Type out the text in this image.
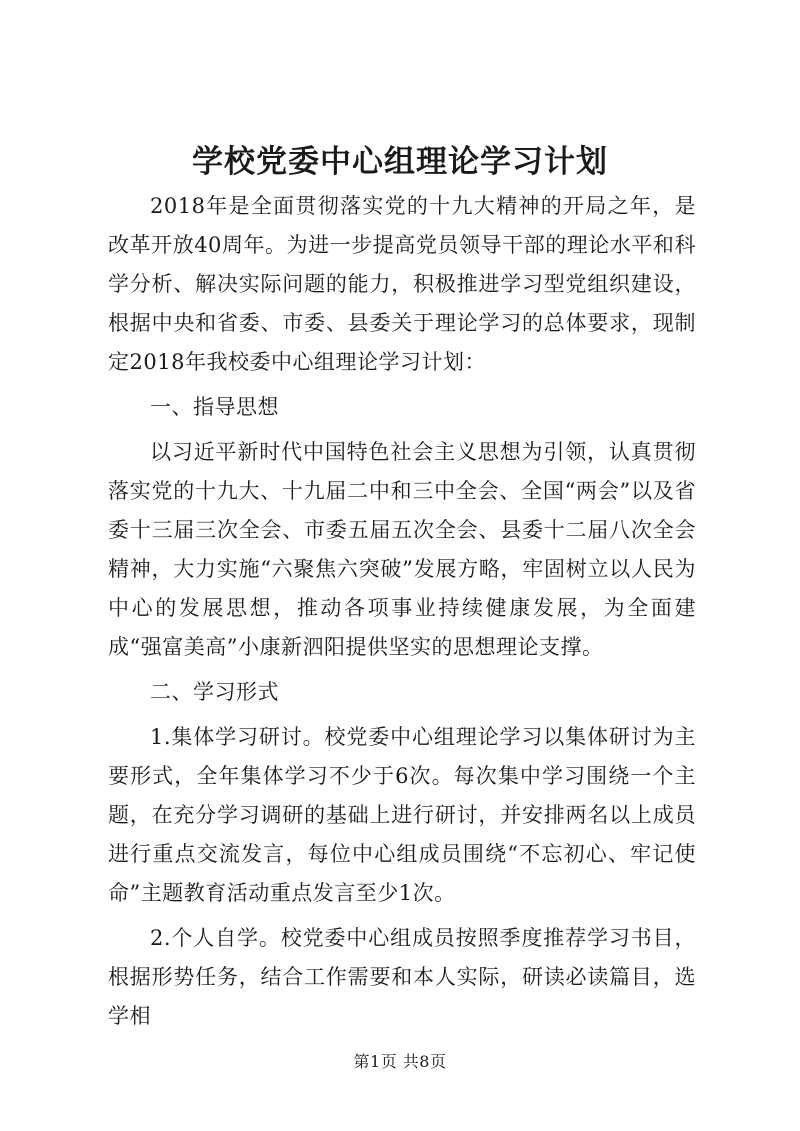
学校党委中心组理论学习计划

2018年是全面贯彻落实党的十九大精神的开局之年，是改革开放40周年。为进一步提高党员领导干部的理论水平和科学分析、解决实际问题的能力，积极推进学习型党组织建设，根据中央和省委、市委、县委关于理论学习的总体要求，现制定2018年我校委中心组理论学习计划：

一、指导思想

以习近平新时代中国特色社会主义思想为引领，认真贯彻落实党的十九大、十九届二中和三中全会、全国“两会”以及省委十三届三次全会、市委五届五次全会、县委十二届八次全会精神，大力实施“六聚焦六突破”发展方略，牢固树立以人民为中心的发展思想，推动各项事业持续健康发展，为全面建成“强富美高”小康新泗阳提供坚实的思想理论支撑。

二、学习形式

1.集体学习研讨。校党委中心组理论学习以集体研讨为主要形式，全年集体学习不少于6次。每次集中学习围绕一个主题，在充分学习调研的基础上进行研讨，并安排两名以上成员进行重点交流发言，每位中心组成员围绕“不忘初心、牢记使命”主题教育活动重点发言至少1次。

2.个人自学。校党委中心组成员按照季度推荐学习书目，根据形势任务，结合工作需要和本人实际，研读必读篇目，选学相

第1页 共8页
